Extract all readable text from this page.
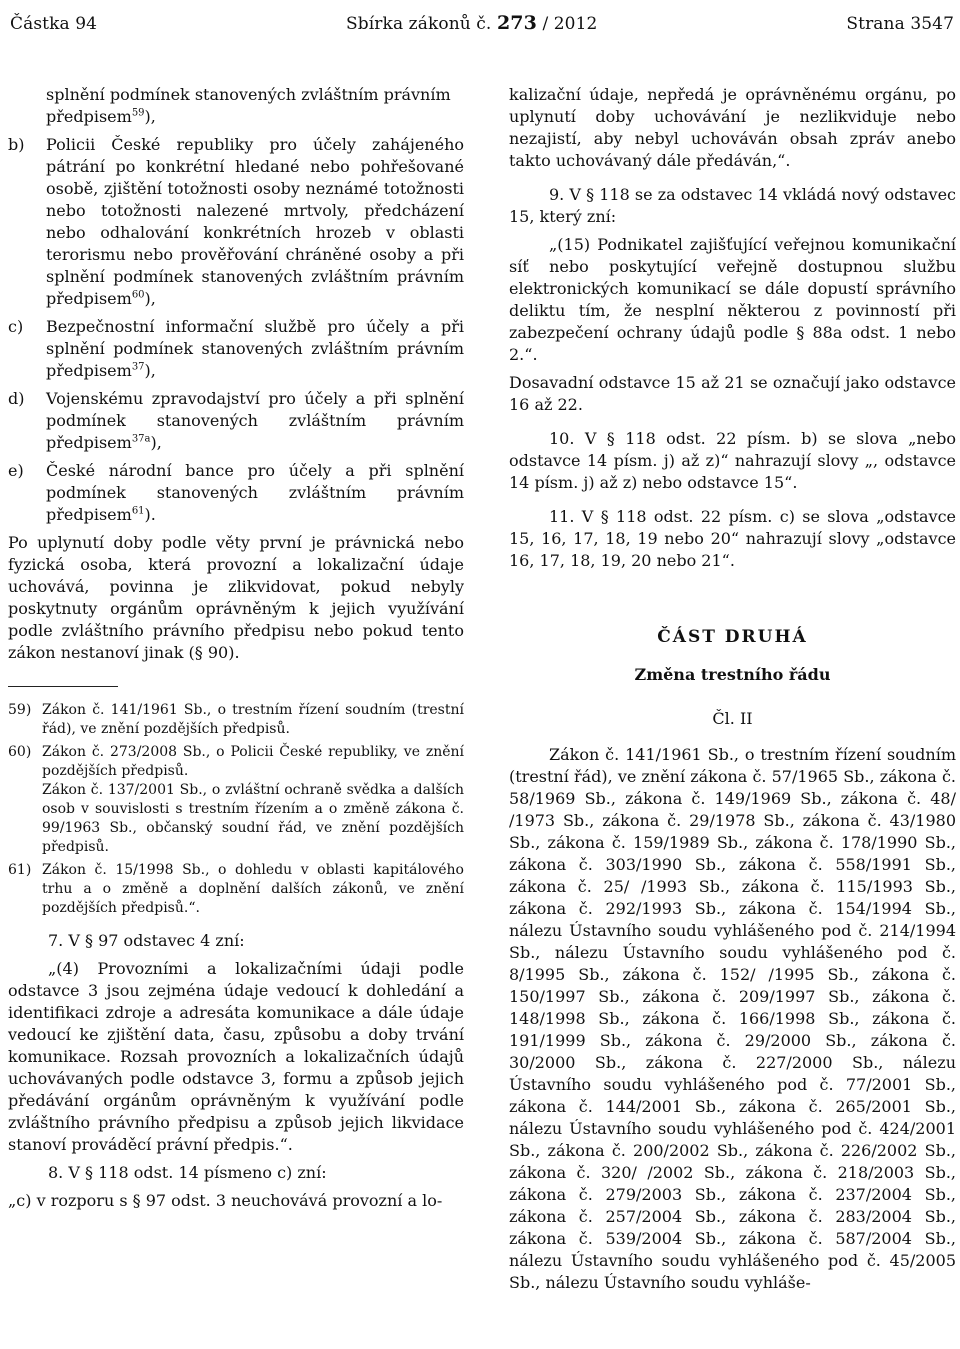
Částka 94	Sbírka zákonů č. 273 / 2012	Strana 3547
splnění podmínek stanovených zvláštním právním
předpisem$^{59}$),
b)	Policii České republiky pro účely zahájeného pátrání po konkrétní hledané nebo pohřešované osobě, zjištění totožnosti osoby neznámé totožnosti nebo totožnosti nalezené mrtvoly, předcházení nebo odhalování konkrétních hrozeb v oblasti terorismu nebo prověřování chráněné osoby a při splnění podmínek stanovených zvláštním právním předpisem$^{60}$),
c)	Bezpečnostní informační službě pro účely a při splnění podmínek stanovených zvláštním právním předpisem$^{37}$),
d)	Vojenskému zpravodajství pro účely a při splnění podmínek stanovených zvláštním právním předpisem$^{37a}$),
e)	České národní bance pro účely a při splnění podmínek stanovených zvláštním právním předpisem$^{61}$).

Po uplynutí doby podle věty první je právnická nebo fyzická osoba, která provozní a lokalizační údaje uchovává, povinna je zlikvidovat, pokud nebyly poskytnuty orgánům oprávněným k jejich využívání podle zvláštního právního předpisu nebo pokud tento zákon nestanoví jinak (§ 90).

59) Zákon č. 141/1961 Sb., o trestním řízení soudním (trestní řád), ve znění pozdějších předpisů.
60) Zákon č. 273/2008 Sb., o Policii České republiky, ve znění pozdějších předpisů.
Zákon č. 137/2001 Sb., o zvláštní ochraně svědka a dalších osob v souvislosti s trestním řízením a o změně zákona č. 99/1963 Sb., občanský soudní řád, ve znění pozdějších předpisů.
61) Zákon č. 15/1998 Sb., o dohledu v oblasti kapitálového trhu a o změně a doplnění dalších zákonů, ve znění pozdějších předpisů.“.

7. V § 97 odstavec 4 zní:

„(4) Provozními a lokalizačními údaji podle odstavce 3 jsou zejména údaje vedoucí k dohledání a identifikaci zdroje a adresáta komunikace a dále údaje vedoucí ke zjištění data, času, způsobu a doby trvání komunikace. Rozsah provozních a lokalizačních údajů uchovávaných podle odstavce 3, formu a způsob jejich předávání orgánům oprávněným k využívání podle zvláštního právního předpisu a způsob jejich likvidace stanoví prováděcí právní předpis.“.

8. V § 118 odst. 14 písmeno c) zní:

„c) v rozporu s § 97 odst. 3 neuchovává provozní a lo-

kalizační údaje, nepředá je oprávněnému orgánu, po uplynutí doby uchovávání je nezlikviduje nebo nezajistí, aby nebyl uchováván obsah zpráv anebo takto uchovávaný dále předáván,“.

9. V § 118 se za odstavec 14 vkládá nový odstavec 15, který zní:

„(15) Podnikatel zajišťující veřejnou komunikační síť nebo poskytující veřejně dostupnou službu elektronických komunikací se dále dopustí správního deliktu tím, že nesplní některou z povinností při zabezpečení ochrany údajů podle § 88a odst. 1 nebo 2.“.

Dosavadní odstavce 15 až 21 se označují jako odstavce 16 až 22.

10. V § 118 odst. 22 písm. b) se slova „nebo odstavce 14 písm. j) až z)“ nahrazují slovy „, odstavce 14 písm. j) až z) nebo odstavce 15“.

11. V § 118 odst. 22 písm. c) se slova „odstavce 15, 16, 17, 18, 19 nebo 20“ nahrazují slovy „odstavce 16, 17, 18, 19, 20 nebo 21“.

ČÁST DRUHÁ

Změna trestního řádu

Čl. II

Zákon č. 141/1961 Sb., o trestním řízení soudním (trestní řád), ve znění zákona č. 57/1965 Sb., zákona č. 58/1969 Sb., zákona č. 149/1969 Sb., zákona č. 48/ /1973 Sb., zákona č. 29/1978 Sb., zákona č. 43/1980 Sb., zákona č. 159/1989 Sb., zákona č. 178/1990 Sb., zákona č. 303/1990 Sb., zákona č. 558/1991 Sb., zákona č. 25/ /1993 Sb., zákona č. 115/1993 Sb., zákona č. 292/1993 Sb., zákona č. 154/1994 Sb., nálezu Ústavního soudu vyhlášeného pod č. 214/1994 Sb., nálezu Ústavního soudu vyhlášeného pod č. 8/1995 Sb., zákona č. 152/ /1995 Sb., zákona č. 150/1997 Sb., zákona č. 209/1997 Sb., zákona č. 148/1998 Sb., zákona č. 166/1998 Sb., zákona č. 191/1999 Sb., zákona č. 29/2000 Sb., zákona č. 30/2000 Sb., zákona č. 227/2000 Sb., nálezu Ústavního soudu vyhlášeného pod č. 77/2001 Sb., zákona č. 144/2001 Sb., zákona č. 265/2001 Sb., nálezu Ústavního soudu vyhlášeného pod č. 424/2001 Sb., zákona č. 200/2002 Sb., zákona č. 226/2002 Sb., zákona č. 320/ /2002 Sb., zákona č. 218/2003 Sb., zákona č. 279/2003 Sb., zákona č. 237/2004 Sb., zákona č. 257/2004 Sb., zákona č. 283/2004 Sb., zákona č. 539/2004 Sb., zákona č. 587/2004 Sb., nálezu Ústavního soudu vyhlášeného pod č. 45/2005 Sb., nálezu Ústavního soudu vyhláše-
